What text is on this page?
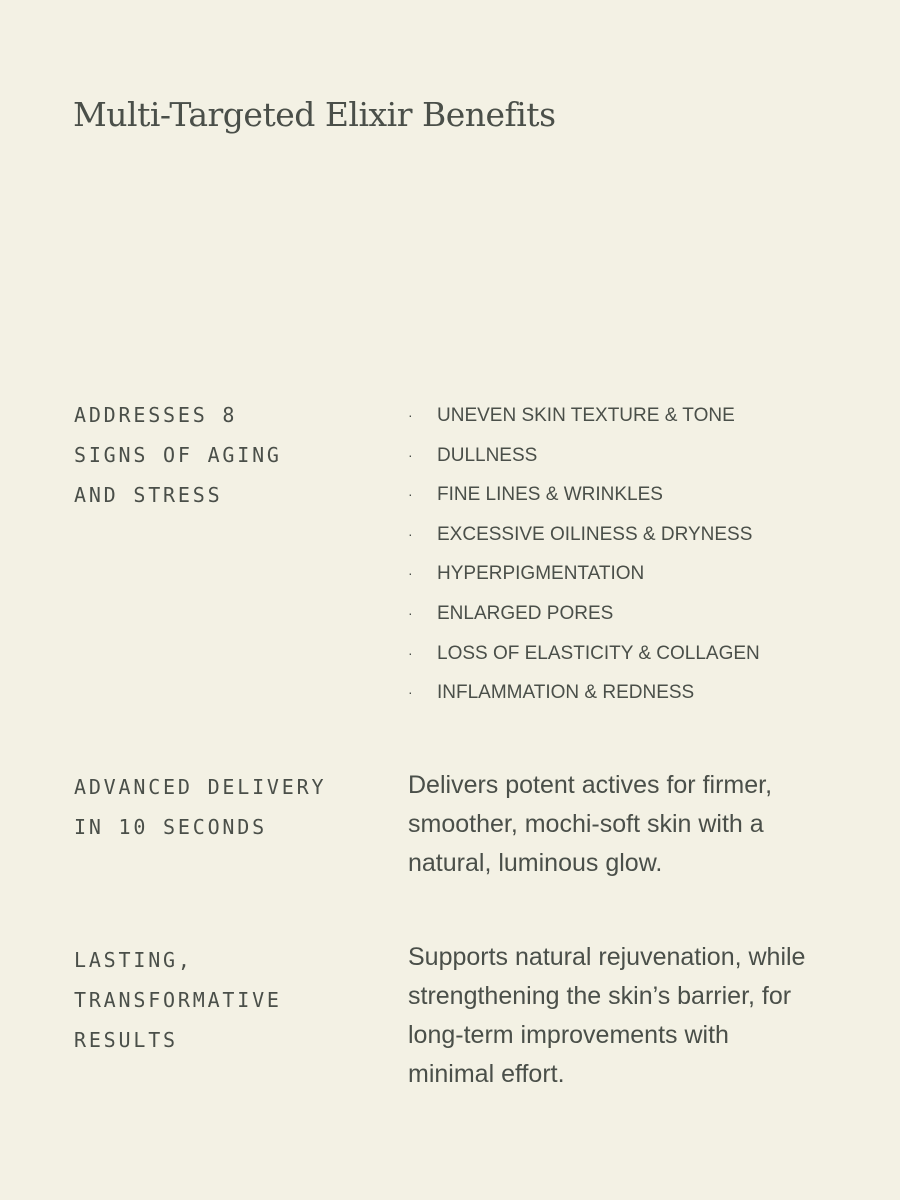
Multi-Targeted Elixir Benefits
ADDRESSES 8
SIGNS OF AGING
AND STRESS
·	UNEVEN SKIN TEXTURE & TONE
·	DULLNESS
·	FINE LINES & WRINKLES
·	EXCESSIVE OILINESS & DRYNESS
·	HYPERPIGMENTATION
·	ENLARGED PORES
·	LOSS OF ELASTICITY & COLLAGEN
·	INFLAMMATION & REDNESS
ADVANCED DELIVERY
IN 10 SECONDS
Delivers potent actives for firmer,
smoother, mochi-soft skin with a
natural, luminous glow.
LASTING,
TRANSFORMATIVE
RESULTS
Supports natural rejuvenation, while
strengthening the skin’s barrier, for
long-term improvements with
minimal effort.
